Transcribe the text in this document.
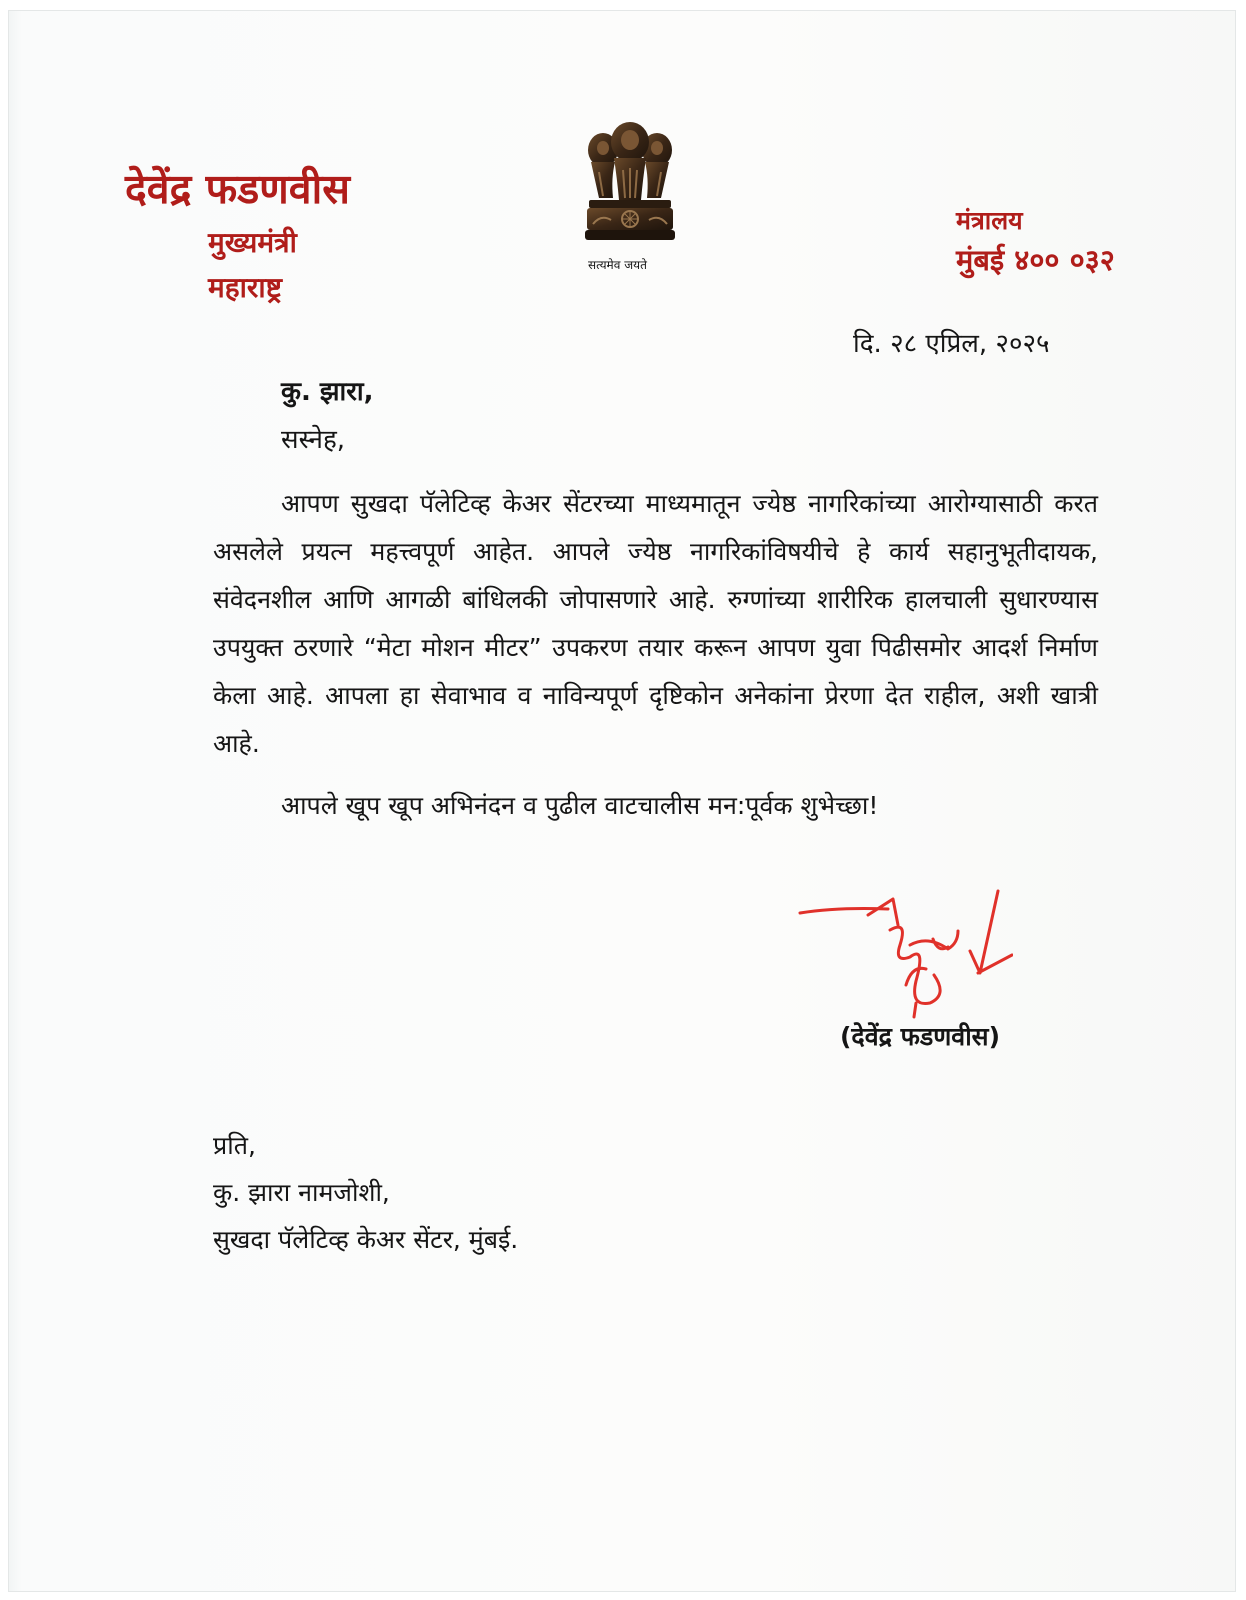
देवेंद्र फडणवीस
मुख्यमंत्री
महाराष्ट्र
सत्यमेव जयते
मंत्रालय
मुंबई ४०० ०३२
दि. २८ एप्रिल, २०२५
कु. झारा,
सस्नेह,
आपण सुखदा पॅलेटिव्ह केअर सेंटरच्या माध्यमातून ज्येष्ठ नागरिकांच्या आरोग्यासाठी करत असलेले प्रयत्न महत्त्वपूर्ण आहेत. आपले ज्येष्ठ नागरिकांविषयीचे हे कार्य सहानुभूतीदायक, संवेदनशील आणि आगळी बांधिलकी जोपासणारे आहे. रुग्णांच्या शारीरिक हालचाली सुधारण्यास उपयुक्त ठरणारे “मेटा मोशन मीटर” उपकरण तयार करून आपण युवा पिढीसमोर आदर्श निर्माण केला आहे. आपला हा सेवाभाव व नाविन्यपूर्ण दृष्टिकोन अनेकांना प्रेरणा देत राहील, अशी खात्री आहे.
आपले खूप खूप अभिनंदन व पुढील वाटचालीस मन:पूर्वक शुभेच्छा!
(देवेंद्र फडणवीस)
प्रति,
कु. झारा नामजोशी,
सुखदा पॅलेटिव्ह केअर सेंटर, मुंबई.
